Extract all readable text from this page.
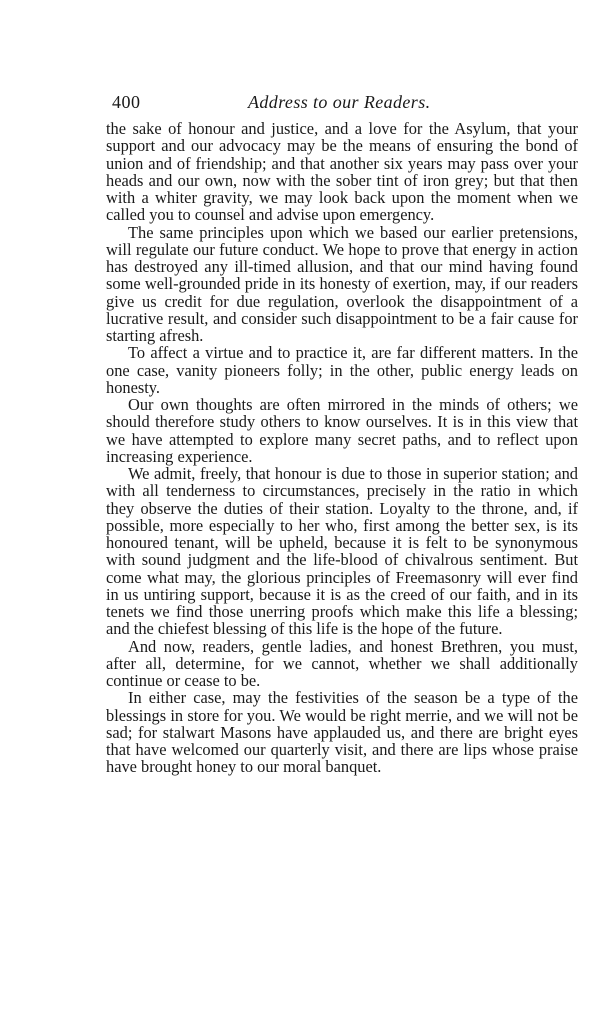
400	Address to our Readers.

the sake of honour and justice, and a love for the Asylum, that your support and our advocacy may be the means of ensuring the bond of union and of friendship; and that another six years may pass over your heads and our own, now with the sober tint of iron grey; but that then with a whiter gravity, we may look back upon the moment when we called you to counsel and advise upon emergency.

The same principles upon which we based our earlier pretensions, will regulate our future conduct. We hope to prove that energy in action has destroyed any ill-timed allusion, and that our mind having found some well-grounded pride in its honesty of exertion, may, if our readers give us credit for due regulation, overlook the disappointment of a lucrative result, and consider such disappointment to be a fair cause for starting afresh.

To affect a virtue and to practice it, are far different matters. In the one case, vanity pioneers folly; in the other, public energy leads on honesty.

Our own thoughts are often mirrored in the minds of others; we should therefore study others to know ourselves. It is in this view that we have attempted to explore many secret paths, and to reflect upon increasing experience.

We admit, freely, that honour is due to those in superior station; and with all tenderness to circumstances, precisely in the ratio in which they observe the duties of their station. Loyalty to the throne, and, if possible, more especially to her who, first among the better sex, is its honoured tenant, will be upheld, because it is felt to be synonymous with sound judgment and the life-blood of chivalrous sentiment. But come what may, the glorious principles of Freemasonry will ever find in us untiring support, because it is as the creed of our faith, and in its tenets we find those unerring proofs which make this life a blessing; and the chiefest blessing of this life is the hope of the future.

And now, readers, gentle ladies, and honest Brethren, you must, after all, determine, for we cannot, whether we shall additionally continue or cease to be.

In either case, may the festivities of the season be a type of the blessings in store for you. We would be right merrie, and we will not be sad; for stalwart Masons have applauded us, and there are bright eyes that have welcomed our quarterly visit, and there are lips whose praise have brought honey to our moral banquet.
